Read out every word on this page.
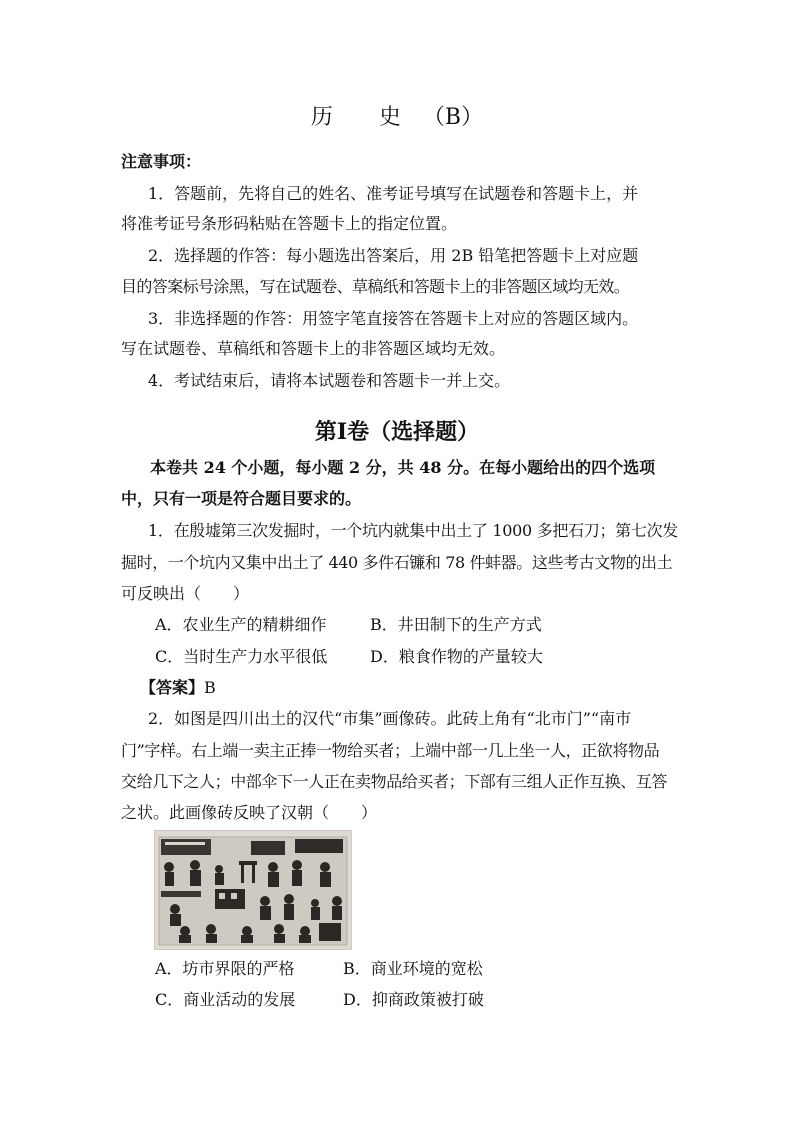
历 史 （B）
注意事项：
1．答题前，先将自己的姓名、准考证号填写在试题卷和答题卡上，并
将准考证号条形码粘贴在答题卡上的指定位置。
2．选择题的作答：每小题选出答案后，用 2B 铅笔把答题卡上对应题
目的答案标号涂黑，写在试题卷、草稿纸和答题卡上的非答题区域均无效。
3．非选择题的作答：用签字笔直接答在答题卡上对应的答题区域内。
写在试题卷、草稿纸和答题卡上的非答题区域均无效。
4．考试结束后，请将本试题卷和答题卡一并上交。
第Ⅰ卷（选择题）
本卷共 24 个小题，每小题 2 分，共 48 分。在每小题给出的四个选项
中，只有一项是符合题目要求的。
1．在殷墟第三次发掘时，一个坑内就集中出土了 1000 多把石刀；第七次发
掘时，一个坑内又集中出土了 440 多件石镰和 78 件蚌器。这些考古文物的出土
可反映出（　　）
A．农业生产的精耕细作	B．井田制下的生产方式
C．当时生产力水平很低	D．粮食作物的产量较大
【答案】B
2．如图是四川出土的汉代“市集”画像砖。此砖上角有“北市门”“南市
门”字样。右上端一卖主正捧一物给买者；上端中部一几上坐一人，正欲将物品
交给几下之人；中部伞下一人正在卖物品给买者；下部有三组人正作互换、互答
之状。此画像砖反映了汉朝（　　）
A．坊市界限的严格	B．商业环境的宽松
C．商业活动的发展	D．抑商政策被打破
